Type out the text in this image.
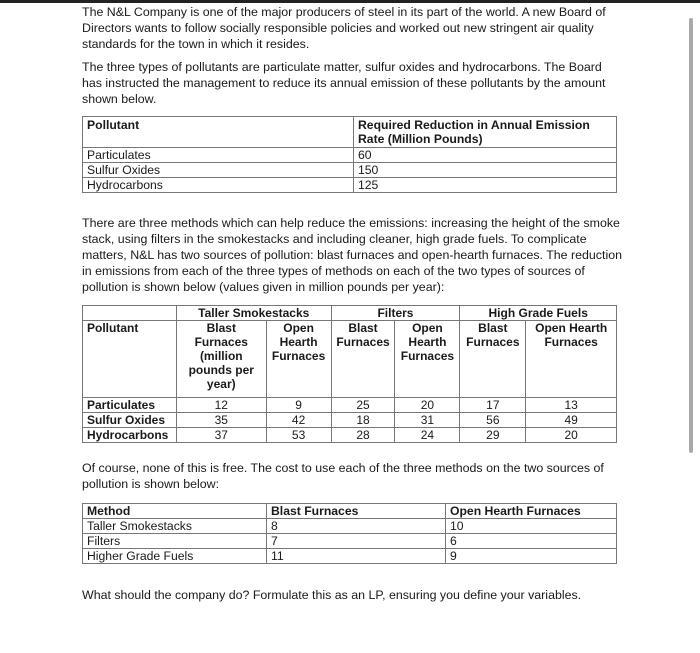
The N&L Company is one of the major producers of steel in its part of the world. A new Board of Directors wants to follow socially responsible policies and worked out new stringent air quality standards for the town in which it resides.

The three types of pollutants are particulate matter, sulfur oxides and hydrocarbons. The Board has instructed the management to reduce its annual emission of these pollutants by the amount shown below.

Pollutant	Required Reduction in Annual Emission Rate (Million Pounds)
Particulates	60
Sulfur Oxides	150
Hydrocarbons	125

There are three methods which can help reduce the emissions: increasing the height of the smoke stack, using filters in the smokestacks and including cleaner, high grade fuels. To complicate matters, N&L has two sources of pollution: blast furnaces and open-hearth furnaces. The reduction in emissions from each of the three types of methods on each of the two types of sources of pollution is shown below (values given in million pounds per year):

	Taller Smokestacks		Filters		High Grade Fuels	
Pollutant	Blast Furnaces (million pounds per year)	Open Hearth Furnaces	Blast Furnaces	Open Hearth Furnaces	Blast Furnaces	Open Hearth Furnaces
Particulates	12	9	25	20	17	13
Sulfur Oxides	35	42	18	31	56	49
Hydrocarbons	37	53	28	24	29	20

Of course, none of this is free. The cost to use each of the three methods on the two sources of pollution is shown below:

Method	Blast Furnaces	Open Hearth Furnaces
Taller Smokestacks	8	10
Filters	7	6
Higher Grade Fuels	11	9

What should the company do? Formulate this as an LP, ensuring you define your variables.
